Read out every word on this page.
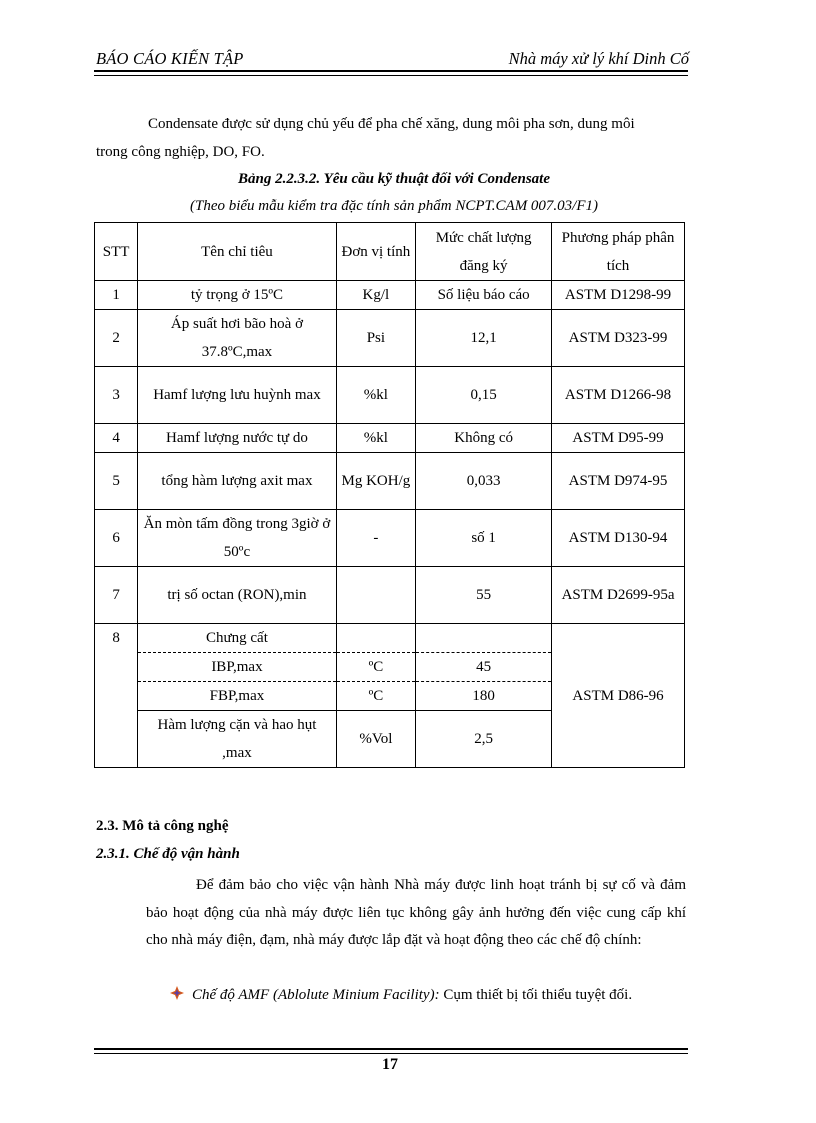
BÁO CÁO KIẾN TẬP	Nhà máy xử lý khí Dinh Cố
Condensate được sử dụng chủ yếu để pha chế xăng, dung môi pha sơn, dung môi
trong công nghiệp, DO, FO.
Bảng 2.2.3.2. Yêu cầu kỹ thuật đối với Condensate
(Theo biểu mẫu kiểm tra đặc tính sản phẩm NCPT.CAM 007.03/F1)
STT	Tên chỉ tiêu	Đơn vị tính	Mức chất lượng đăng ký	Phương pháp phân tích
1	tỷ trọng ở 15ºC	Kg/l	Số liệu báo cáo	ASTM D1298-99
2	Áp suất hơi bão hoà ở 37.8ºC,max	Psi	12,1	ASTM D323-99
3	Hamf lượng lưu huỳnh max	%kl	0,15	ASTM D1266-98
4	Hamf lượng nước tự do	%kl	Không có	ASTM D95-99
5	tổng hàm lượng axit max	Mg KOH/g	0,033	ASTM D974-95
6	Ăn mòn tấm đồng trong 3giờ ở 50ºc	-	số 1	ASTM D130-94
7	trị số octan (RON),min		55	ASTM D2699-95a
8	Chưng cất			ASTM D86-96
	IBP,max	ºC	45	
	FBP,max	ºC	180	
	Hàm lượng cặn và hao hụt ,max	%Vol	2,5	
2.3. Mô tả công nghệ
2.3.1. Chế độ vận hành
Để đảm bảo cho việc vận hành Nhà máy được linh hoạt tránh bị sự cố và đảm bảo hoạt động của nhà máy được liên tục không gây ảnh hưởng đến việc cung cấp khí cho nhà máy điện, đạm, nhà máy được lắp đặt và hoạt động theo các chế độ chính:
Chế độ AMF (Ablolute Minium Facility): Cụm thiết bị tối thiểu tuyệt đối.
17
